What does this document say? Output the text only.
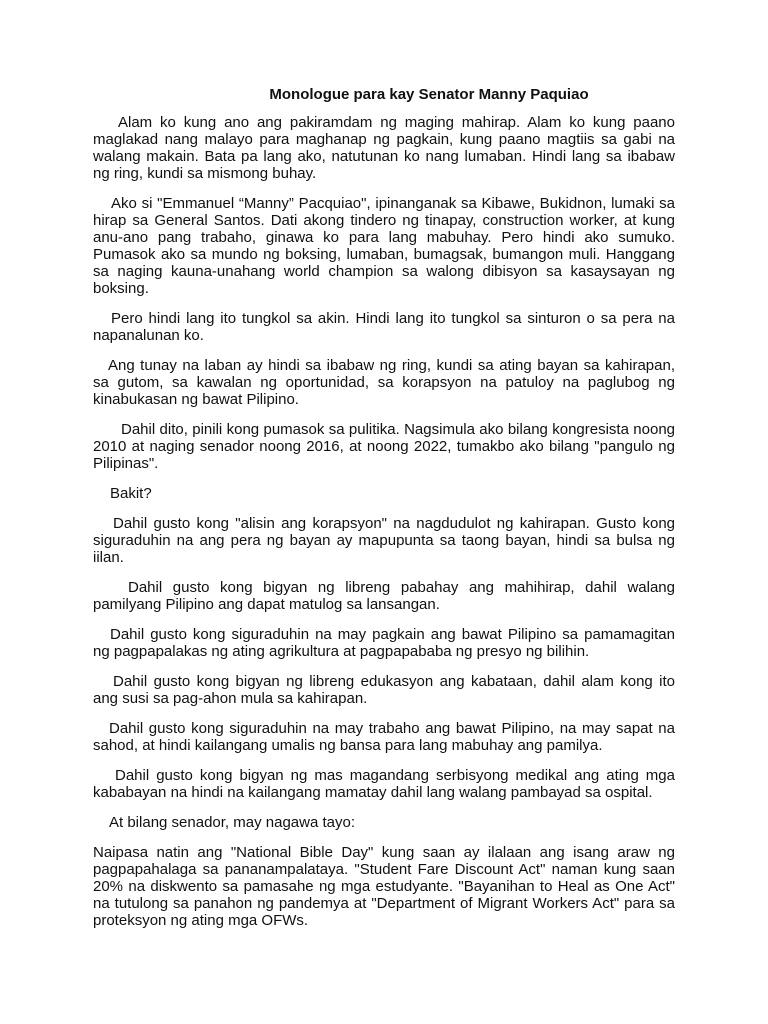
Monologue para kay Senator Manny Paquiao

Alam ko kung ano ang pakiramdam ng maging mahirap. Alam ko kung paano maglakad nang malayo para maghanap ng pagkain, kung paano magtiis sa gabi na walang makain. Bata pa lang ako, natutunan ko nang lumaban. Hindi lang sa ibabaw ng ring, kundi sa mismong buhay.

Ako si "Emmanuel “Manny” Pacquiao", ipinanganak sa Kibawe, Bukidnon, lumaki sa hirap sa General Santos. Dati akong tindero ng tinapay, construction worker, at kung anu-ano pang trabaho, ginawa ko para lang mabuhay. Pero hindi ako sumuko. Pumasok ako sa mundo ng boksing, lumaban, bumagsak, bumangon muli. Hanggang sa naging kauna-unahang world champion sa walong dibisyon sa kasaysayan ng boksing.

Pero hindi lang ito tungkol sa akin. Hindi lang ito tungkol sa sinturon o sa pera na napanalunan ko.

Ang tunay na laban ay hindi sa ibabaw ng ring, kundi sa ating bayan sa kahirapan, sa gutom, sa kawalan ng oportunidad, sa korapsyon na patuloy na paglubog ng kinabukasan ng bawat Pilipino.

Dahil dito, pinili kong pumasok sa pulitika. Nagsimula ako bilang kongresista noong 2010 at naging senador noong 2016, at noong 2022, tumakbo ako bilang "pangulo ng Pilipinas".

Bakit?

Dahil gusto kong "alisin ang korapsyon" na nagdudulot ng kahirapan. Gusto kong siguraduhin na ang pera ng bayan ay mapupunta sa taong bayan, hindi sa bulsa ng iilan.

Dahil gusto kong bigyan ng libreng pabahay ang mahihirap, dahil walang pamilyang Pilipino ang dapat matulog sa lansangan.

Dahil gusto kong siguraduhin na may pagkain ang bawat Pilipino sa pamamagitan ng pagpapalakas ng ating agrikultura at pagpapababa ng presyo ng bilihin.

Dahil gusto kong bigyan ng libreng edukasyon ang kabataan, dahil alam kong ito ang susi sa pag-ahon mula sa kahirapan.

Dahil gusto kong siguraduhin na may trabaho ang bawat Pilipino, na may sapat na sahod, at hindi kailangang umalis ng bansa para lang mabuhay ang pamilya.

Dahil gusto kong bigyan ng mas magandang serbisyong medikal ang ating mga kababayan na hindi na kailangang mamatay dahil lang walang pambayad sa ospital.

At bilang senador, may nagawa tayo:

Naipasa natin ang "National Bible Day" kung saan ay ilalaan ang isang araw ng pagpapahalaga sa pananampalataya. "Student Fare Discount Act" naman kung saan 20% na diskwento sa pamasahe ng mga estudyante. "Bayanihan to Heal as One Act" na tutulong sa panahon ng pandemya at "Department of Migrant Workers Act" para sa proteksyon ng ating mga OFWs.
